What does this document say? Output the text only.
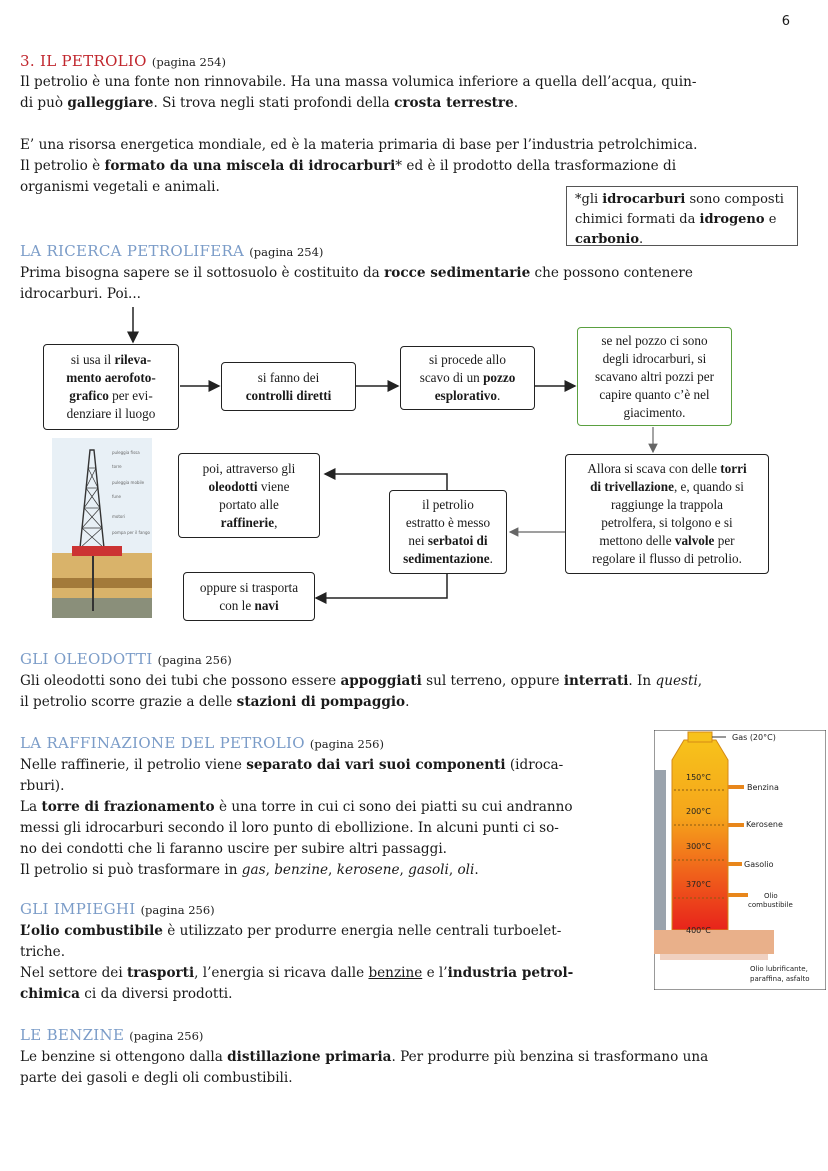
6
3. IL PETROLIO (pagina 254)
Il petrolio è una fonte non rinnovabile. Ha una massa volumica inferiore a quella dell’acqua, quin-
di può galleggiare. Si trova negli stati profondi della crosta terrestre.
E’ una risorsa energetica mondiale, ed è la materia primaria di base per l’industria petrolchimica.
Il petrolio è formato da una miscela di idrocarburi* ed è il prodotto della trasformazione di
organismi vegetali e animali.
*gli idrocarburi sono composti
chimici formati da idrogeno e
carbonio.
LA RICERCA PETROLIFERA (pagina 254)
Prima bisogna sapere se il sottosuolo è costituito da rocce sedimentarie che possono contenere
idrocarburi. Poi...
si usa il rileva-
mento aerofoto-
grafico per evi-
denziare il luogo
si fanno dei
controlli diretti
si procede allo
scavo di un pozzo
esplorativo.
se nel pozzo ci sono
degli idrocarburi, si
scavano altri pozzi per
capire quanto c’è nel
giacimento.
Allora si scava con delle torri
di trivellazione, e, quando si
raggiunge la trappola
petrolfera, si tolgono e si
mettono delle valvole per
regolare il flusso di petrolio.
il petrolio
estratto è messo
nei serbatoi di
sedimentazione.
poi, attraverso gli
oleodotti viene
portato alle
raffinerie,
oppure si trasporta
con le navi
puleggia fissa
torre
puleggia mobile
fune
motori
pompa per il fango
GLI OLEODOTTI (pagina 256)
Gli oleodotti sono dei tubi che possono essere appoggiati sul terreno, oppure interrati. In questi,
il petrolio scorre grazie a delle stazioni di pompaggio.
LA RAFFINAZIONE DEL PETROLIO (pagina 256)
Nelle raffinerie, il petrolio viene separato dai vari suoi componenti (idroca-
rburi).
La torre di frazionamento è una torre in cui ci sono dei piatti su cui andranno
messi gli idrocarburi secondo il loro punto di ebollizione. In alcuni punti ci so-
no dei condotti che li faranno uscire per subire altri passaggi.
Il petrolio si può trasformare in gas, benzine, kerosene, gasoli, oli.
150°C
200°C
300°C
370°C
400°C
Gas (20°C)
Benzina
Kerosene
Gasolio
Olio
combustibile
Olio lubrificante,
paraffina, asfalto
GLI IMPIEGHI (pagina 256)
L’olio combustibile è utilizzato per produrre energia nelle centrali turboelet-
triche.
Nel settore dei trasporti, l’energia si ricava dalle benzine e l’industria petrol-
chimica ci da diversi prodotti.
LE BENZINE (pagina 256)
Le benzine si ottengono dalla distillazione primaria. Per produrre più benzina si trasformano una
parte dei gasoli e degli oli combustibili.
